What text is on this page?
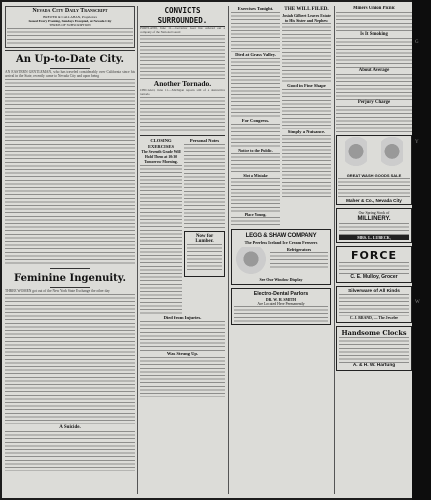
Nevada City Daily Transcript
BREWER & CALLAHAN, Proprietors
Issued Every Evening, Sundays Excepted, at Nevada City
TERMS OF SUBSCRIPTION
An Up-to-Date City.
AN EASTERN GENTLEMAN, who has traveled considerably over California since his arrival in the State, recently came to Nevada City and upon being
Feminine Ingenuity.
THREE WOMEN got out of the New York State Exchange the other day
A Suicide.
CONVICTS SURROUNDED.
PORTLAND, June 11.—Governor Geer has ordered out a company of the National Guard
Another Tornado.
CHICAGO, June 11.—Michigan reports still of a destructive tornado
CLOSING EXERCISES
The Seventh Grade Will Hold Them at 10:30 Tomorrow Morning.
Personal Notes
Now for Lumber.
Died from Injuries.
Was Strung Up.
Exercises Tonight.
Died at Grass Valley.
For Congress.
Notice to the Public.
Slot a Mistake
Place Young.
THE WILL FILED.
Josiah Gilbert Leaves Estate to His Sister and Nephew
Good in Fine Shape
Simply a Nuisance.
LEGG & SHAW COMPANY
The Peerless Iceland Ice Cream Freezers
Refrigerators
See Our Window Display
Electro-Dental Parlors
DR. W. H. SMITH
Are Located Here Permanently
Miners Union Picnic
Is It Smoking
About Average
Perjury Charge
GREAT WASH GOODS SALE
Maher & Co., Nevada City
Our Spring Stock of
MILLINERY.
MRS. L. LUBECK,
FORCE
C. E. Mulloy, Grocer
Silverware of All Kinds
C. J. BRAND, — The Jeweler
Handsome Clocks
A. & H. W. Hartung
G
Y
W
